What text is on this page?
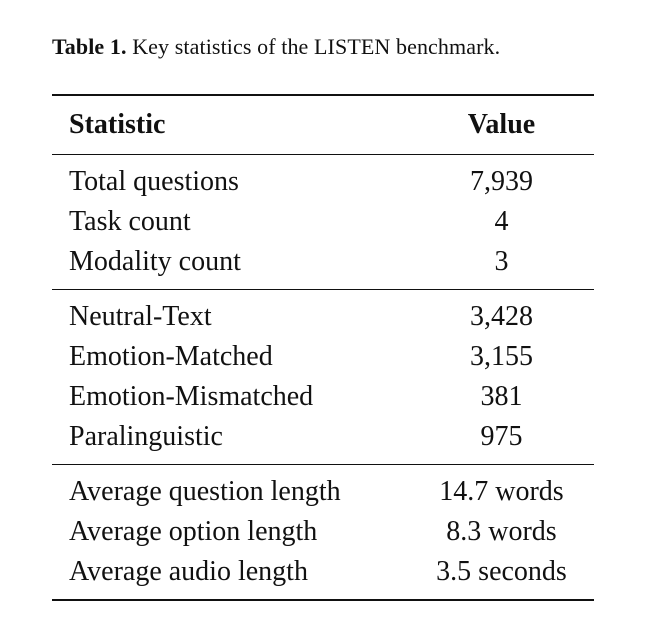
Table 1. Key statistics of the LISTEN benchmark.
Statistic	Value
Total questions	7,939
Task count	4
Modality count	3
Neutral-Text	3,428
Emotion-Matched	3,155
Emotion-Mismatched	381
Paralinguistic	975
Average question length	14.7 words
Average option length	8.3 words
Average audio length	3.5 seconds
